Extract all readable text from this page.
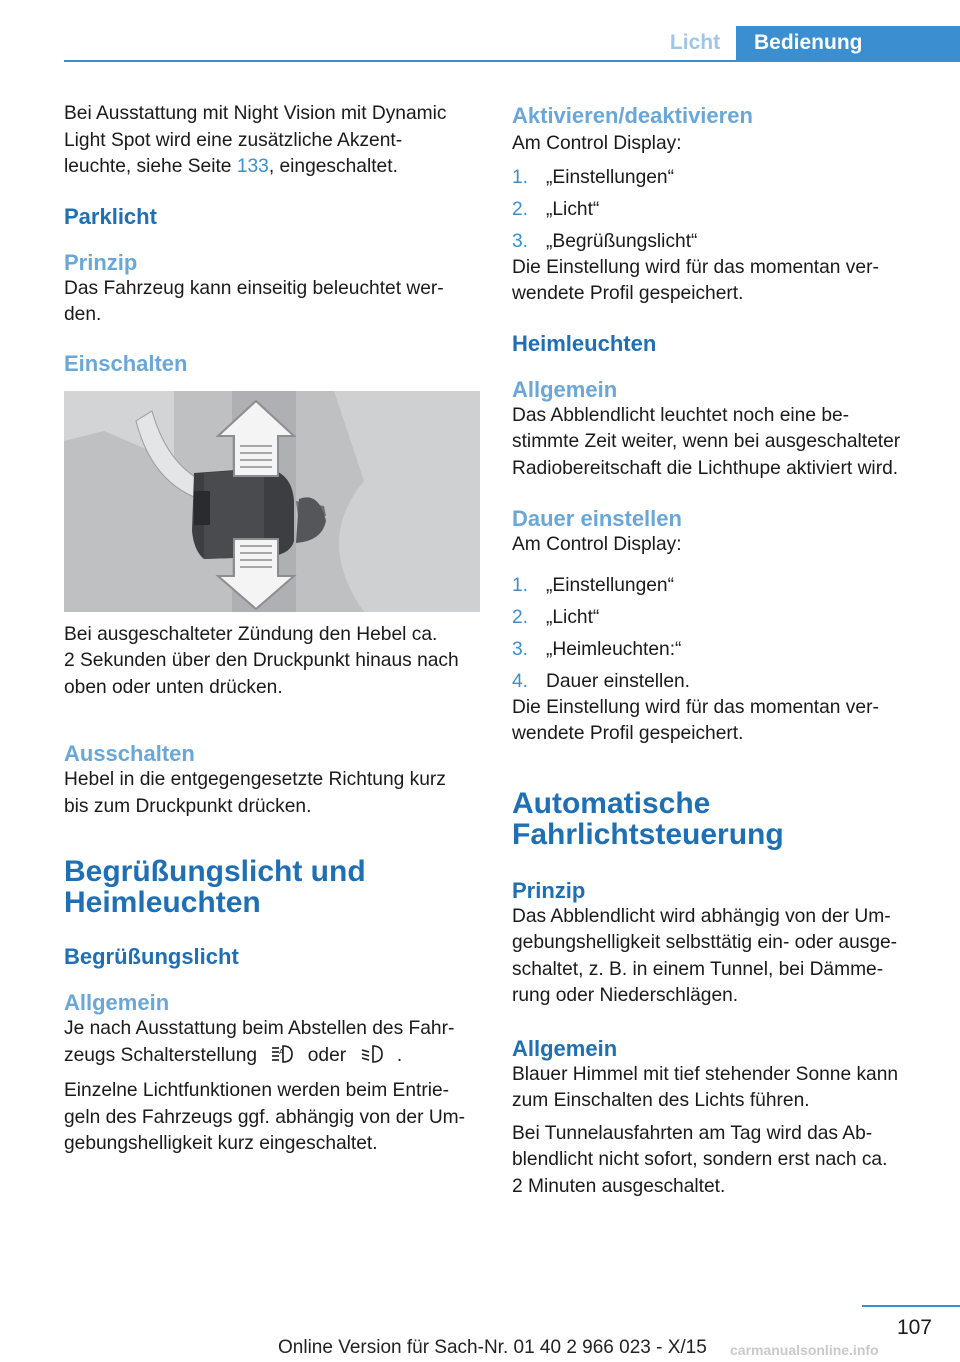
Licht	Bedienung

Bei Ausstattung mit Night Vision mit Dynamic
Light Spot wird eine zusätzliche Akzent‐
leuchte, siehe Seite 133, eingeschaltet.

Parklicht
Prinzip

Das Fahrzeug kann einseitig beleuchtet wer‐
den.

Einschalten

Bei ausgeschalteter Zündung den Hebel ca.
2 Sekunden über den Druckpunkt hinaus nach
oben oder unten drücken.

Ausschalten

Hebel in die entgegengesetzte Richtung kurz
bis zum Druckpunkt drücken.

Begrüßungslicht und
Heimleuchten
Begrüßungslicht
Allgemein

Je nach Ausstattung beim Abstellen des Fahr‐
zeugs Schalterstellung	A oder	.

Einzelne Lichtfunktionen werden beim Entrie‐
geln des Fahrzeugs ggf. abhängig von der Um‐
gebungshelligkeit kurz eingeschaltet.

Aktivieren/deaktivieren

Am Control Display:

1. „Einstellungen“
2. „Licht“
3. „Begrüßungslicht“

Die Einstellung wird für das momentan ver‐
wendete Profil gespeichert.

Heimleuchten
Allgemein

Das Abblendlicht leuchtet noch eine be‐
stimmte Zeit weiter, wenn bei ausgeschalteter
Radiobereitschaft die Lichthupe aktiviert wird.

Dauer einstellen

Am Control Display:

1. „Einstellungen“
2. „Licht“
3. „Heimleuchten:“
4. Dauer einstellen.

Die Einstellung wird für das momentan ver‐
wendete Profil gespeichert.

Automatische
Fahrlichtsteuerung
Prinzip

Das Abblendlicht wird abhängig von der Um‐
gebungshelligkeit selbsttätig ein- oder ausge‐
schaltet, z. B. in einem Tunnel, bei Dämme‐
rung oder Niederschlägen.

Allgemein

Blauer Himmel mit tief stehender Sonne kann
zum Einschalten des Lichts führen.

Bei Tunnelausfahrten am Tag wird das Ab‐
blendlicht nicht sofort, sondern erst nach ca.
2 Minuten ausgeschaltet.

107
Online Version für Sach-Nr. 01 40 2 966 023 - X/15 carmanualsonline.info
